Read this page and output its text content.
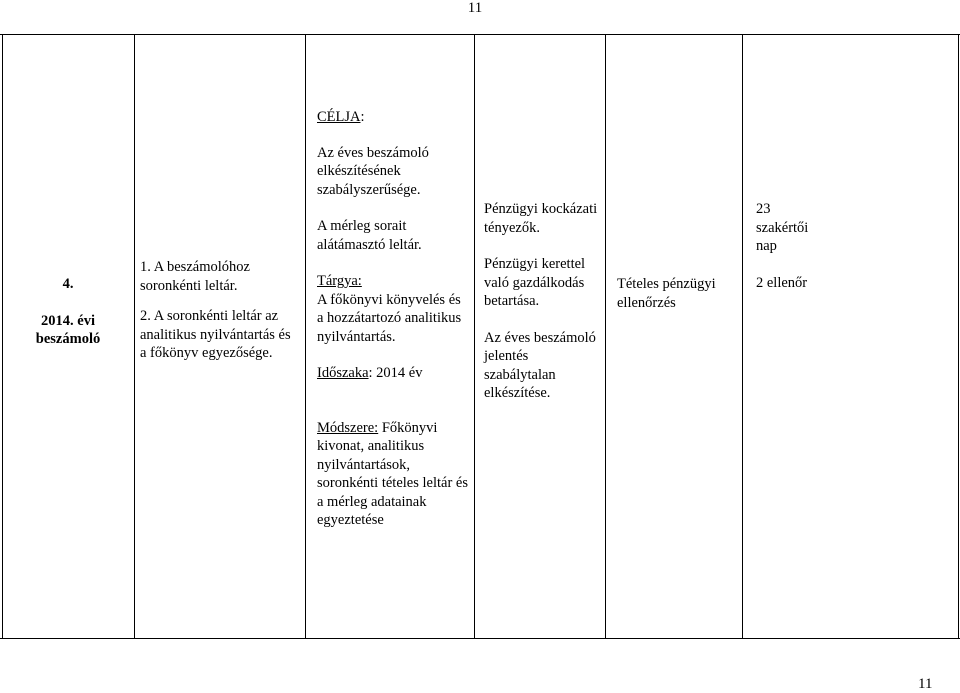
11
4.
2014. évi
beszámoló
1. A beszámolóhoz soronkénti leltár.
2. A soronkénti leltár az analitikus nyilvántartás és a főkönyv egyezősége.
CÉLJA:
Az éves beszámoló elkészítésének szabályszerűsége.
A mérleg sorait alátámasztó leltár.
Tárgya:
A főkönyvi könyvelés és a hozzátartozó analitikus nyilvántartás.
Időszaka: 2014 év
Módszere: Főkönyvi kivonat, analitikus nyilvántartások, soronkénti tételes leltár és a mérleg adatainak egyeztetése
Pénzügyi kockázati tényezők.
Pénzügyi kerettel való gazdálkodás betartása.
Az éves beszámoló jelentés szabálytalan elkészítése.
Tételes pénzügyi ellenőrzés
23 szakértői nap
2 ellenőr
11
